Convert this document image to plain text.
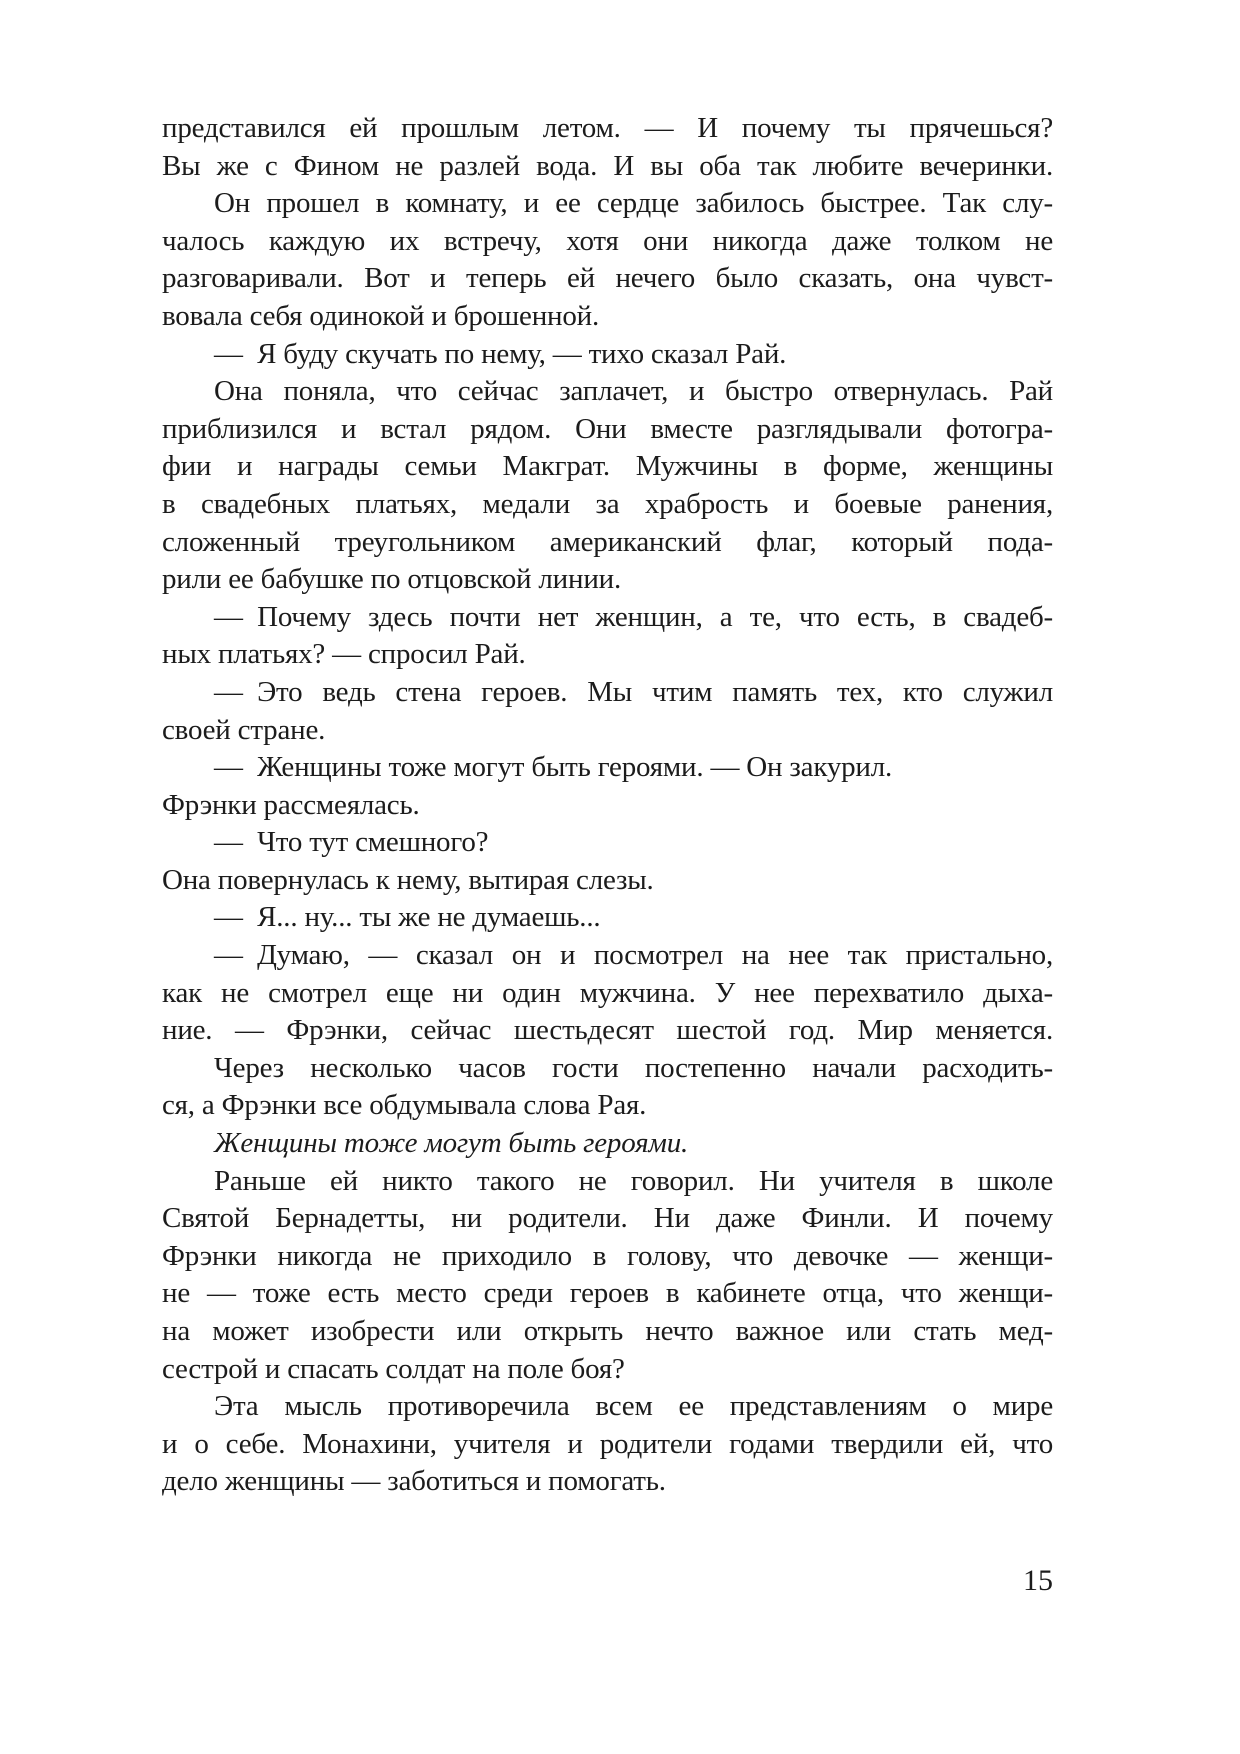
представился ей прошлым летом. — И почему ты прячешься?
Вы же с Фином не разлей вода. И вы оба так любите вечеринки.
Он прошел в комнату, и ее сердце забилось быстрее. Так слу-
чалось каждую их встречу, хотя они никогда даже толком не
разговаривали. Вот и теперь ей нечего было сказать, она чувст-
вовала себя одинокой и брошенной.
— Я буду скучать по нему, — тихо сказал Рай.
Она поняла, что сейчас заплачет, и быстро отвернулась. Рай
приблизился и встал рядом. Они вместе разглядывали фотогра-
фии и награды семьи Макграт. Мужчины в форме, женщины
в свадебных платьях, медали за храбрость и боевые ранения,
сложенный треугольником американский флаг, который пода-
рили ее бабушке по отцовской линии.
— Почему здесь почти нет женщин, а те, что есть, в свадеб-
ных платьях? — спросил Рай.
— Это ведь стена героев. Мы чтим память тех, кто служил
своей стране.
— Женщины тоже могут быть героями. — Он закурил.
Фрэнки рассмеялась.
— Что тут смешного?
Она повернулась к нему, вытирая слезы.
— Я... ну... ты же не думаешь...
— Думаю, — сказал он и посмотрел на нее так пристально,
как не смотрел еще ни один мужчина. У нее перехватило дыха-
ние. — Фрэнки, сейчас шестьдесят шестой год. Мир меняется.
Через несколько часов гости постепенно начали расходить-
ся, а Фрэнки все обдумывала слова Рая.
Женщины тоже могут быть героями.
Раньше ей никто такого не говорил. Ни учителя в школе
Святой Бернадетты, ни родители. Ни даже Финли. И почему
Фрэнки никогда не приходило в голову, что девочке — женщи-
не — тоже есть место среди героев в кабинете отца, что женщи-
на может изобрести или открыть нечто важное или стать мед-
сестрой и спасать солдат на поле боя?
Эта мысль противоречила всем ее представлениям о мире
и о себе. Монахини, учителя и родители годами твердили ей, что
дело женщины — заботиться и помогать.
15
